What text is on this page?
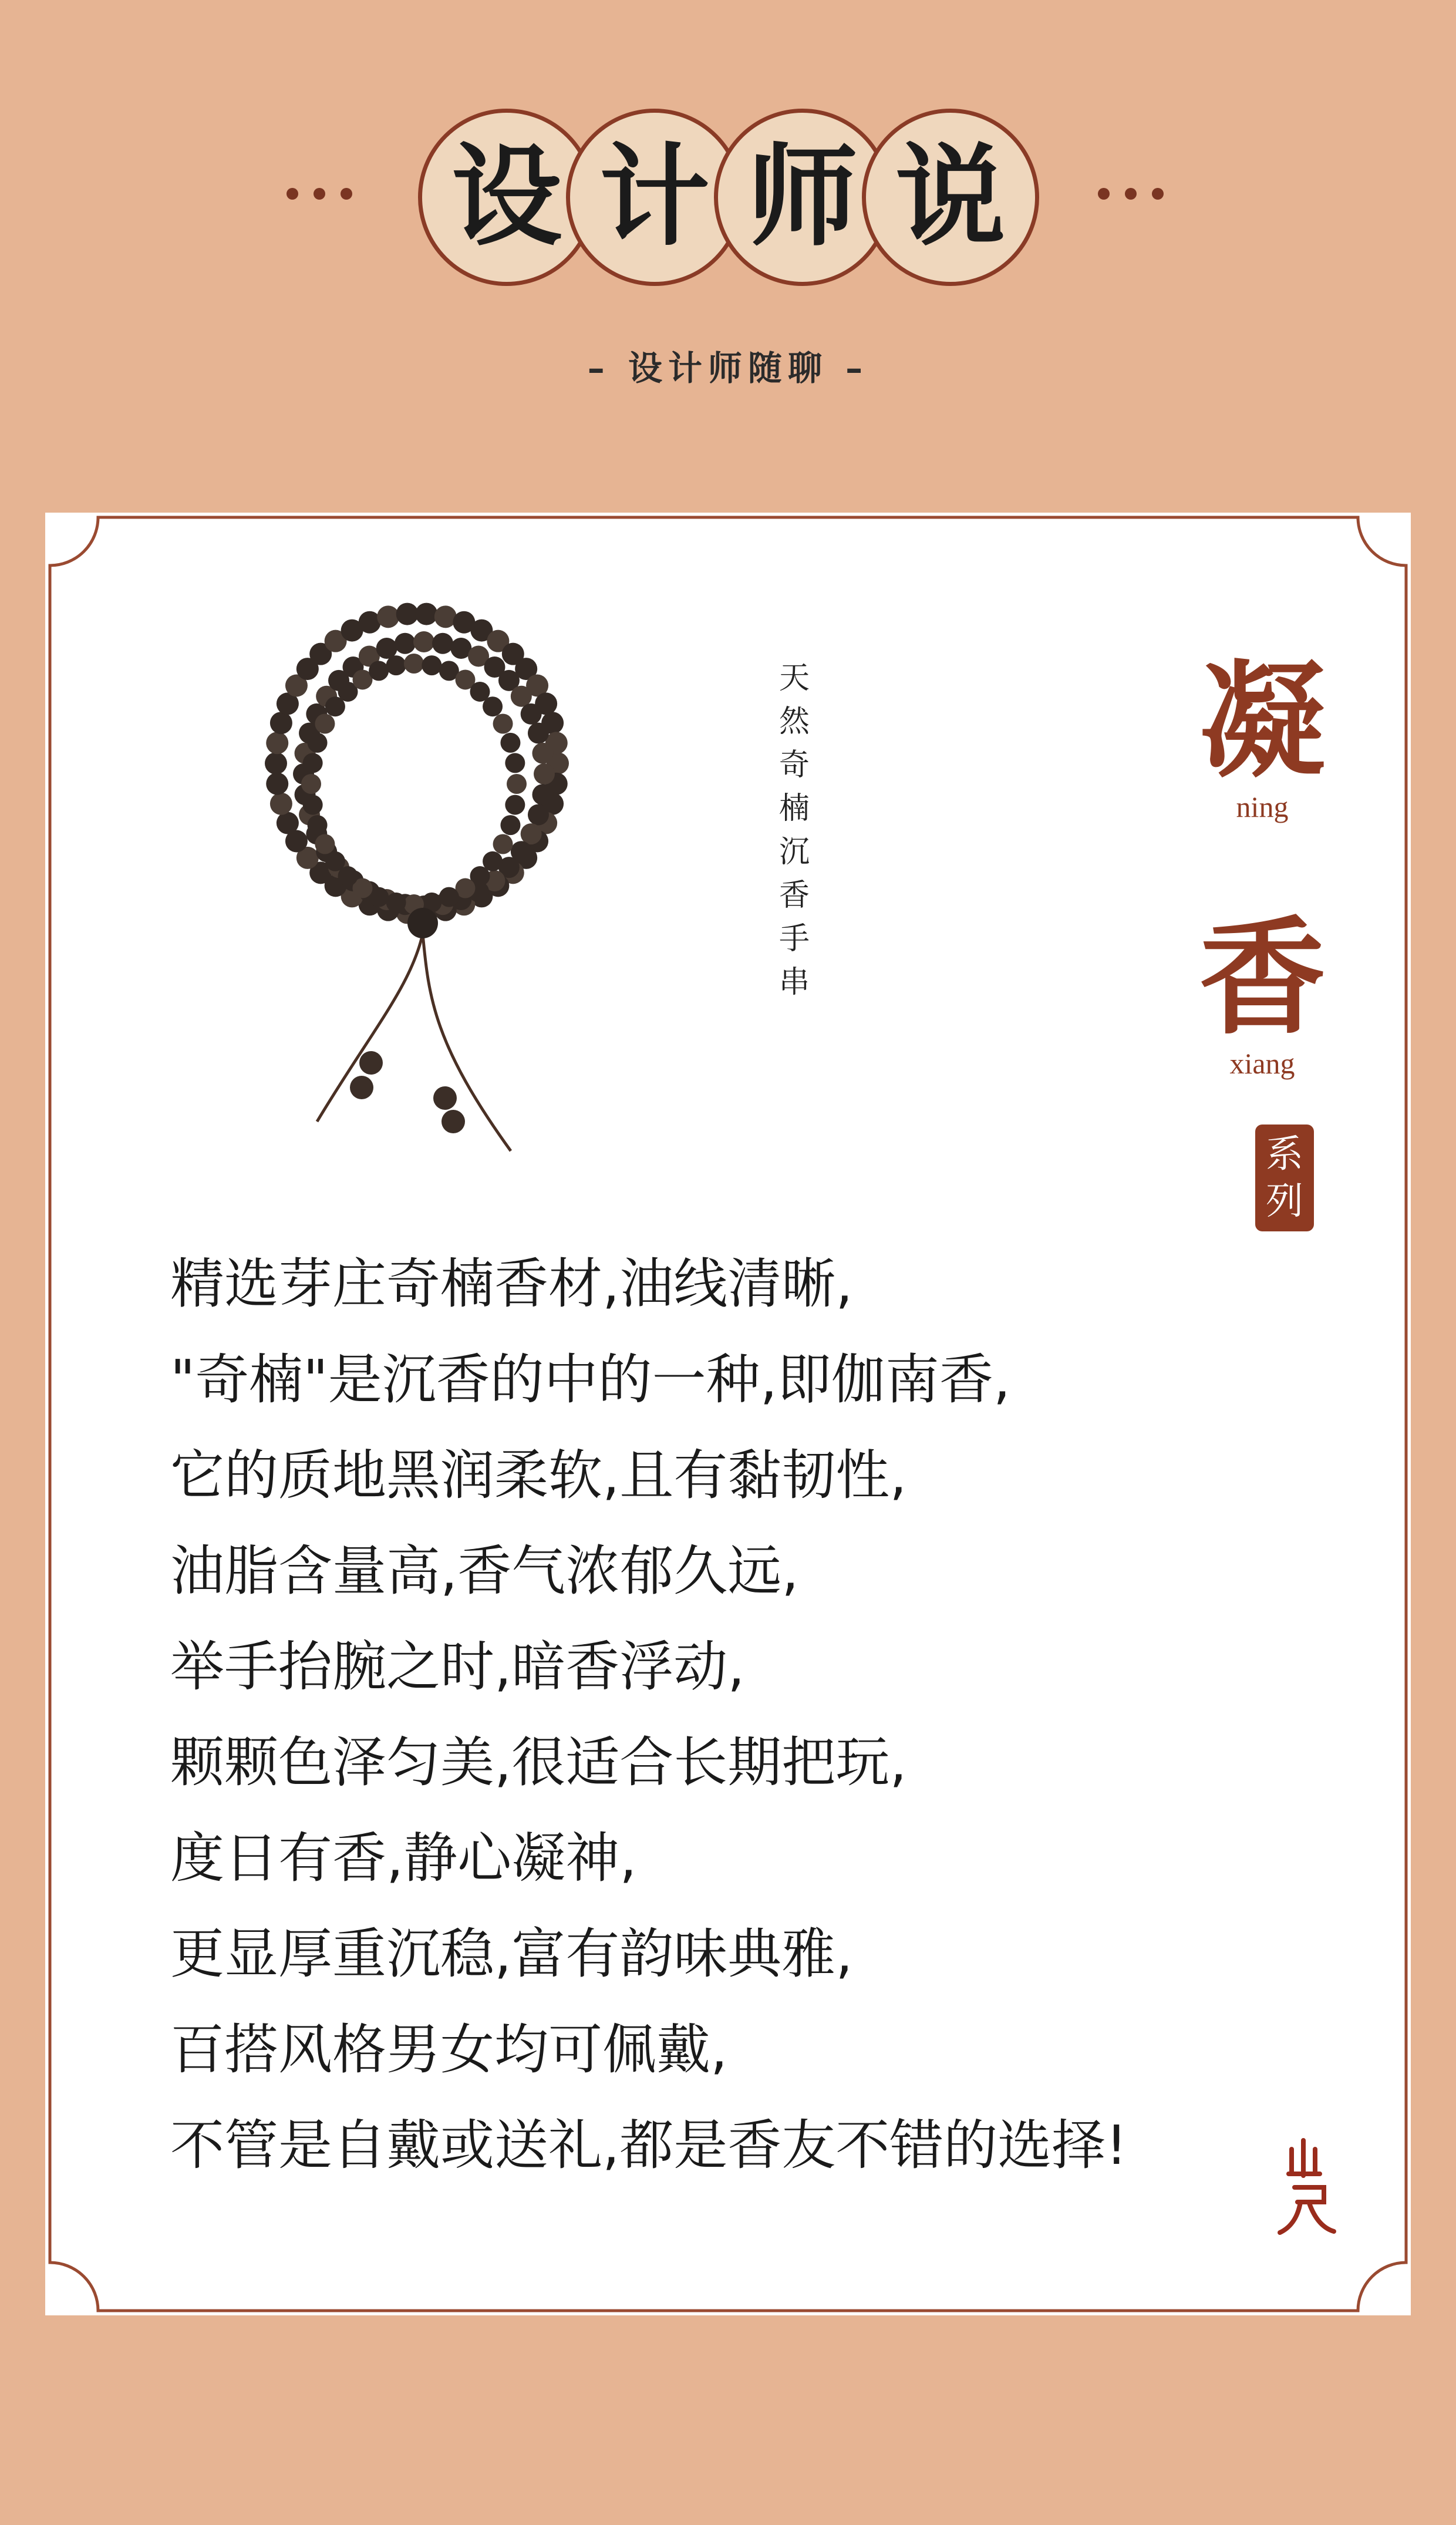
设 计 师 说
– 设计师随聊 –
天然奇楠沉香手串
凝
ning
香
xiang
系列
精选芽庄奇楠香材,油线清晰,
"奇楠"是沉香的中的一种,即伽南香,
它的质地黑润柔软,且有黏韧性,
油脂含量高,香气浓郁久远,
举手抬腕之时,暗香浮动,
颗颗色泽匀美,很适合长期把玩,
度日有香,静心凝神,
更显厚重沉稳,富有韵味典雅,
百搭风格男女均可佩戴,
不管是自戴或送礼,都是香友不错的选择!
